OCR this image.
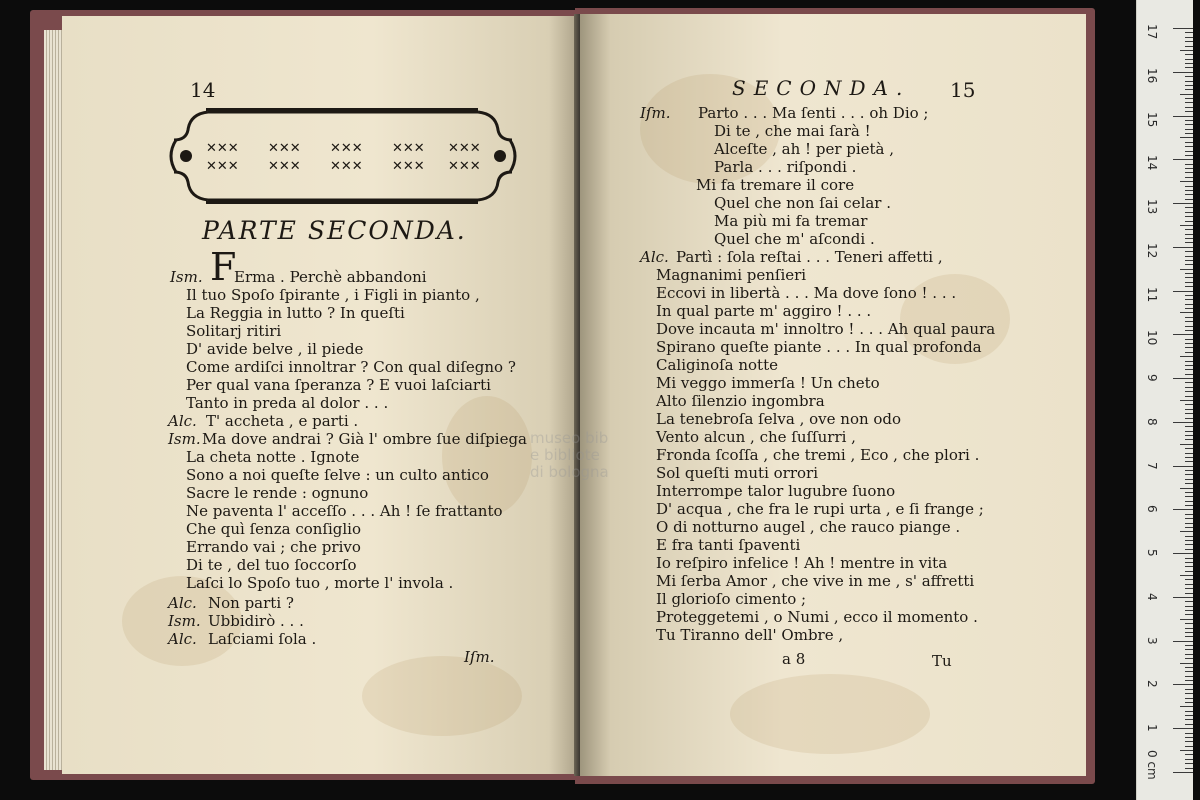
14
✕✕✕ ✕✕✕ ✕✕✕ ✕✕✕ ✕✕✕
✕✕✕ ✕✕✕ ✕✕✕ ✕✕✕ ✕✕✕
PARTE SECONDA.
Ism. F
Erma . Perchè abbandoni
Il tuo Spoſo ſpirante , i Figli in pianto ,
La Reggia in lutto ? In queſti
Solitarj ritiri
D' avide belve , il piede
Come ardiſci innoltrar ? Con qual diſegno ?
Per qual vana ſperanza ? E vuoi laſciarti
Tanto in preda al dolor . . .
Alc. T' accheta , e parti .
Ism. Ma dove andrai ? Già l' ombre ſue diſpiega
La cheta notte . Ignote
Sono a noi queſte ſelve : un culto antico
Sacre le rende : ognuno
Ne paventa l' acceſſo . . . Ah ! ſe frattanto
Che quì ſenza conſiglio
Errando vai ; che privo
Di te , del tuo ſoccorſo
Laſci lo Spoſo tuo , morte l' invola .
Alc. Non parti ?
Ism. Ubbidirò . . .
Alc. Laſciami ſola .
Iſm.
SECONDA. 15
Iſm. Parto . . . Ma ſenti . . . oh Dio ;
Di te , che mai ſarà !
Alceſte , ah ! per pietà ,
Parla . . . riſpondi .
Mi fa tremare il core
Quel che non ſai celar .
Ma più mi fa tremar
Quel che m' aſcondi .
Alc. Partì : ſola reſtai . . . Teneri affetti ,
Magnanimi penſieri
Eccovi in libertà . . . Ma dove ſono ! . . .
In qual parte m' aggiro ! . . .
Dove incauta m' innoltro ! . . . Ah qual paura
Spirano queſte piante . . . In qual profonda
Caliginoſa notte
Mi veggo immerſa ! Un cheto
Alto ſilenzio ingombra
La tenebroſa ſelva , ove non odo
Vento alcun , che ſuſſurri ,
Fronda ſcoſſa , che tremi , Eco , che plori .
Sol queſti muti orrori
Interrompe talor lugubre ſuono
D' acqua , che fra le rupi urta , e ſi frange ;
O di notturno augel , che rauco piange .
E fra tanti ſpaventi
Io reſpiro infelice ! Ah ! mentre in vita
Mi ſerba Amor , che vive in me , s' affretti
Il glorioſo cimento ;
Proteggetemi , o Numi , ecco il momento .
Tu Tiranno dell' Ombre ,
a 8	Tu
museo bib
e bibliote
di bologna
0 cm
1
2
3
4
5
6
7
8
9
10
11
12
13
14
15
16
17
